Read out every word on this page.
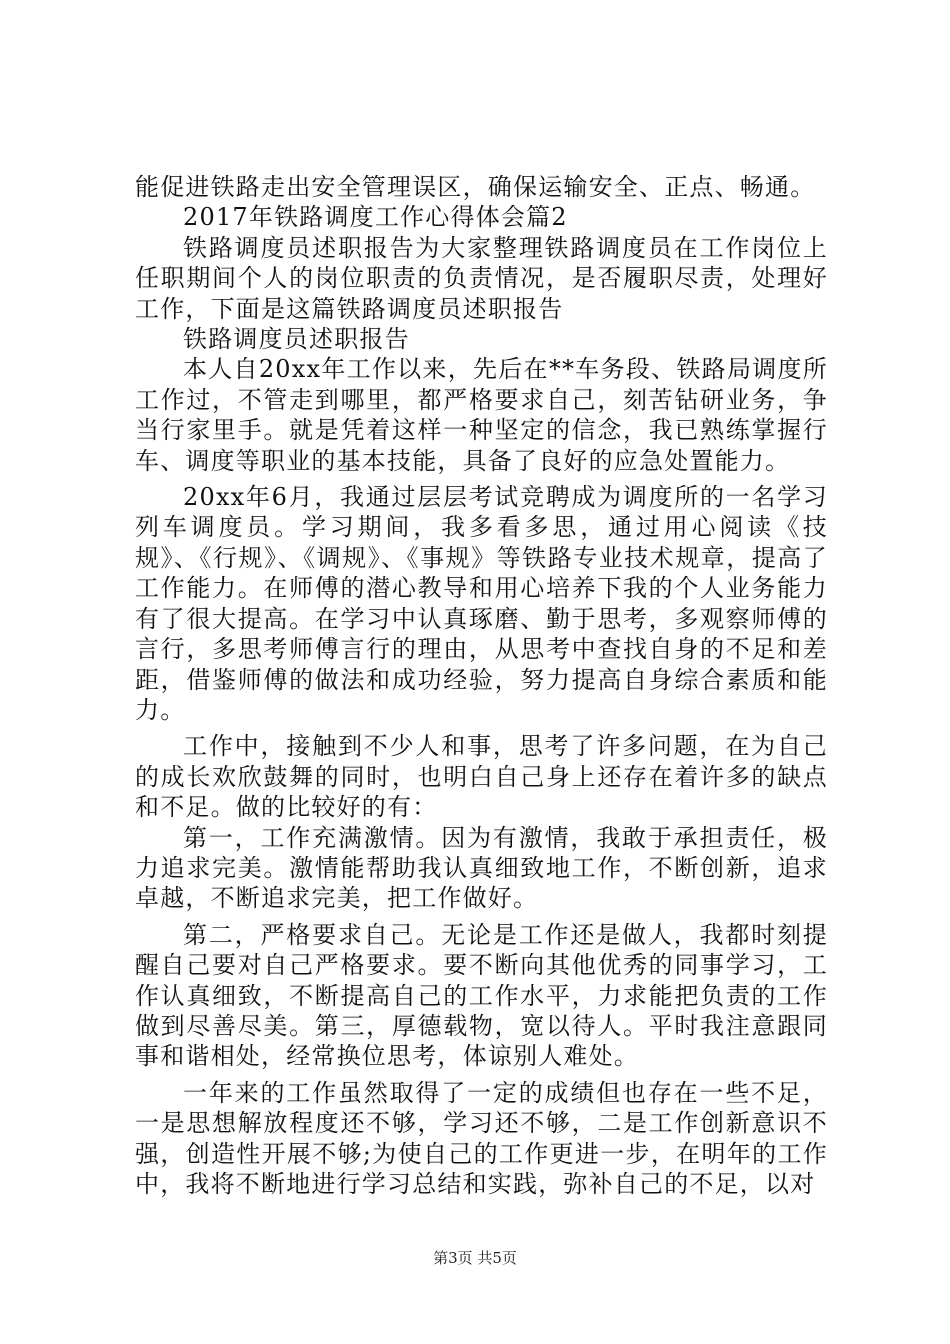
能促进铁路走出安全管理误区，确保运输安全、正点、畅通。

2017年铁路调度工作心得体会篇2

铁路调度员述职报告为大家整理铁路调度员在工作岗位上任职期间个人的岗位职责的负责情况，是否履职尽责，处理好工作，下面是这篇铁路调度员述职报告

铁路调度员述职报告

本人自20xx年工作以来，先后在**车务段、铁路局调度所工作过，不管走到哪里，都严格要求自己，刻苦钻研业务，争当行家里手。就是凭着这样一种坚定的信念，我已熟练掌握行车、调度等职业的基本技能，具备了良好的应急处置能力。

20xx年6月，我通过层层考试竞聘成为调度所的一名学习列车调度员。学习期间，我多看多思，通过用心阅读《技规》、《行规》、《调规》、《事规》等铁路专业技术规章，提高了工作能力。在师傅的潜心教导和用心培养下我的个人业务能力有了很大提高。在学习中认真琢磨、勤于思考，多观察师傅的言行，多思考师傅言行的理由，从思考中查找自身的不足和差距，借鉴师傅的做法和成功经验，努力提高自身综合素质和能力。

工作中，接触到不少人和事，思考了许多问题，在为自己的成长欢欣鼓舞的同时，也明白自己身上还存在着许多的缺点和不足。做的比较好的有：

第一，工作充满激情。因为有激情，我敢于承担责任，极力追求完美。激情能帮助我认真细致地工作，不断创新，追求卓越，不断追求完美，把工作做好。

第二，严格要求自己。无论是工作还是做人，我都时刻提醒自己要对自己严格要求。要不断向其他优秀的同事学习，工作认真细致，不断提高自己的工作水平，力求能把负责的工作做到尽善尽美。第三，厚德载物，宽以待人。平时我注意跟同事和谐相处，经常换位思考，体谅别人难处。

一年来的工作虽然取得了一定的成绩但也存在一些不足，一是思想解放程度还不够，学习还不够，二是工作创新意识不强，创造性开展不够;为使自己的工作更进一步，在明年的工作中，我将不断地进行学习总结和实践，弥补自己的不足，以对

第3页 共5页
